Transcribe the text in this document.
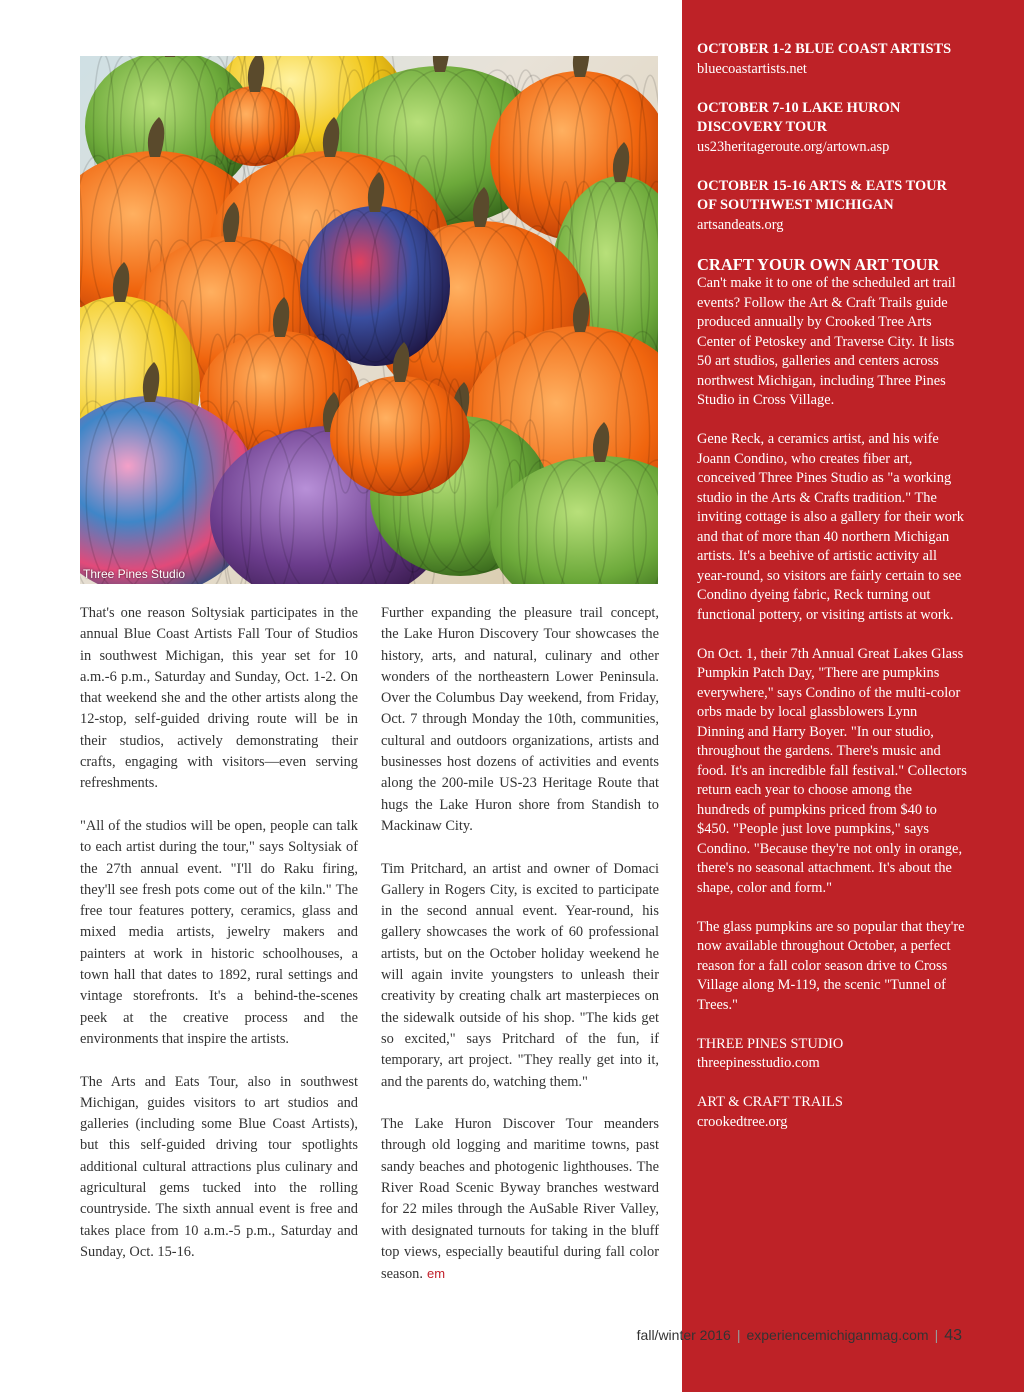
Three Pines Studio

That's one reason Soltysiak participates in the annual Blue Coast Artists Fall Tour of Studios in southwest Michigan, this year set for 10 a.m.-6 p.m., Saturday and Sunday, Oct. 1-2. On that weekend she and the other artists along the 12-stop, self-guided driving route will be in their studios, actively demonstrating their crafts, engaging with visitors—even serving refreshments.

"All of the studios will be open, people can talk to each artist during the tour," says Soltysiak of the 27th annual event. "I'll do Raku firing, they'll see fresh pots come out of the kiln." The free tour features pottery, ceramics, glass and mixed media artists, jewelry makers and painters at work in historic schoolhouses, a town hall that dates to 1892, rural settings and vintage storefronts. It's a behind-the-scenes peek at the creative process and the environments that inspire the artists.

The Arts and Eats Tour, also in southwest Michigan, guides visitors to art studios and galleries (including some Blue Coast Artists), but this self-guided driving tour spotlights additional cultural attractions plus culinary and agricultural gems tucked into the rolling countryside. The sixth annual event is free and takes place from 10 a.m.-5 p.m., Saturday and Sunday, Oct. 15-16.

Further expanding the pleasure trail concept, the Lake Huron Discovery Tour showcases the history, arts, and natural, culinary and other wonders of the northeastern Lower Peninsula. Over the Columbus Day weekend, from Friday, Oct. 7 through Monday the 10th, communities, cultural and outdoors organizations, artists and businesses host dozens of activities and events along the 200-mile US-23 Heritage Route that hugs the Lake Huron shore from Standish to Mackinaw City.

Tim Pritchard, an artist and owner of Domaci Gallery in Rogers City, is excited to participate in the second annual event. Year-round, his gallery showcases the work of 60 professional artists, but on the October holiday weekend he will again invite youngsters to unleash their creativity by creating chalk art masterpieces on the sidewalk outside of his shop. "The kids get so excited," says Pritchard of the fun, if temporary, art project. "They really get into it, and the parents do, watching them."

The Lake Huron Discover Tour meanders through old logging and maritime towns, past sandy beaches and photogenic lighthouses. The River Road Scenic Byway branches westward for 22 miles through the AuSable River Valley, with designated turnouts for taking in the bluff top views, especially beautiful during fall color season. em

OCTOBER 1-2 BLUE COAST ARTISTS
bluecoastartists.net
OCTOBER 7-10 LAKE HURON DISCOVERY TOUR
us23heritageroute.org/artown.asp
OCTOBER 15-16 ARTS & EATS TOUR OF SOUTHWEST MICHIGAN
artsandeats.org
CRAFT YOUR OWN ART TOUR

Can't make it to one of the scheduled art trail events? Follow the Art & Craft Trails guide produced annually by Crooked Tree Arts Center of Petoskey and Traverse City. It lists 50 art studios, galleries and centers across northwest Michigan, including Three Pines Studio in Cross Village.

Gene Reck, a ceramics artist, and his wife Joann Condino, who creates fiber art, conceived Three Pines Studio as "a working studio in the Arts & Crafts tradition." The inviting cottage is also a gallery for their work and that of more than 40 northern Michigan artists. It's a beehive of artistic activity all year-round, so visitors are fairly certain to see Condino dyeing fabric, Reck turning out functional pottery, or visiting artists at work.

On Oct. 1, their 7th Annual Great Lakes Glass Pumpkin Patch Day, "There are pumpkins everywhere," says Condino of the multi-color orbs made by local glassblowers Lynn Dinning and Harry Boyer. "In our studio, throughout the gardens. There's music and food. It's an incredible fall festival." Collectors return each year to choose among the hundreds of pumpkins priced from $40 to $450. "People just love pumpkins," says Condino. "Because they're not only in orange, there's no seasonal attachment. It's about the shape, color and form."

The glass pumpkins are so popular that they're now available throughout October, a perfect reason for a fall color season drive to Cross Village along M-119, the scenic "Tunnel of Trees."

THREE PINES STUDIO
threepinesstudio.com
ART & CRAFT TRAILS
crookedtree.org
fall/winter 2016 | experiencemichiganmag.com | 43
